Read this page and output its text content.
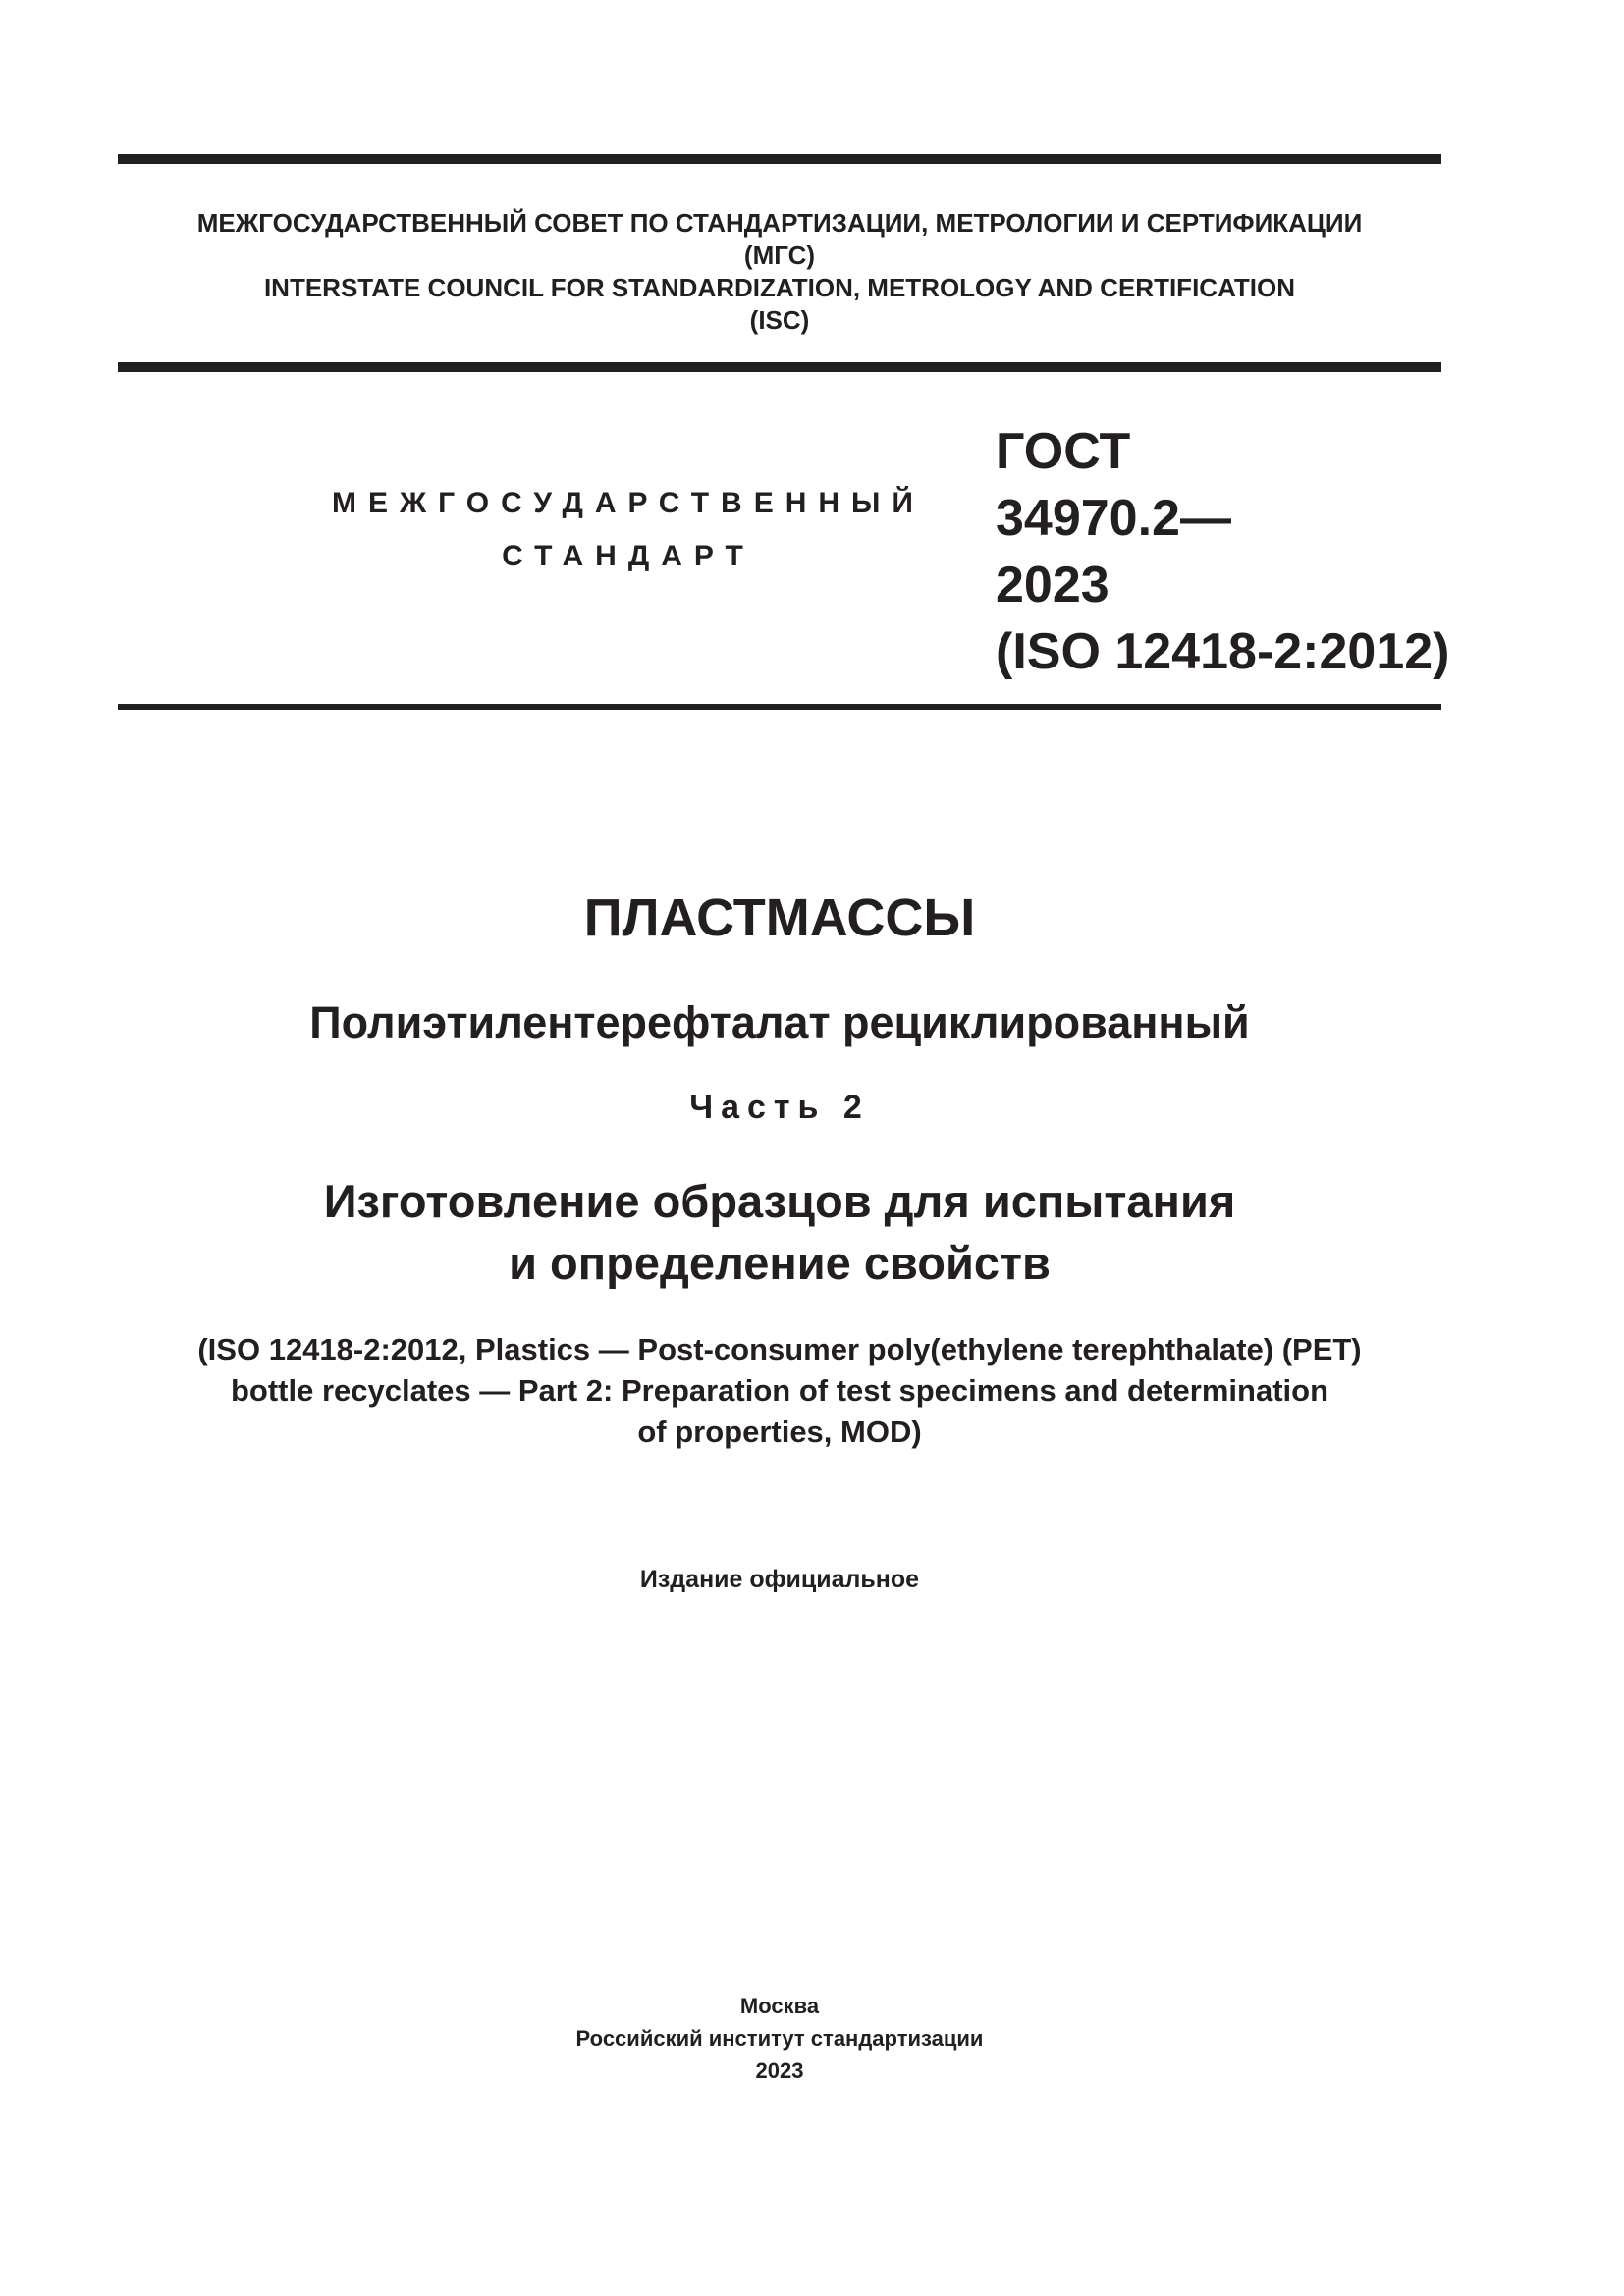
МЕЖГОСУДАРСТВЕННЫЙ СОВЕТ ПО СТАНДАРТИЗАЦИИ, МЕТРОЛОГИИ И СЕРТИФИКАЦИИ
(МГС)
INTERSTATE COUNCIL FOR STANDARDIZATION, METROLOGY AND CERTIFICATION
(ISC)
МЕЖГОСУДАРСТВЕННЫЙ
СТАНДАРТ
ГОСТ
34970.2—
2023
(ISO 12418-2:2012)
ПЛАСТМАССЫ
Полиэтилентерефталат рециклированный
Часть 2
Изготовление образцов для испытания
и определение свойств
(ISO 12418-2:2012, Plastics — Post-consumer poly(ethylene terephthalate) (PET)
bottle recyclates — Part 2: Preparation of test specimens and determination
of properties, MOD)
Издание официальное
Москва
Российский институт стандартизации
2023
